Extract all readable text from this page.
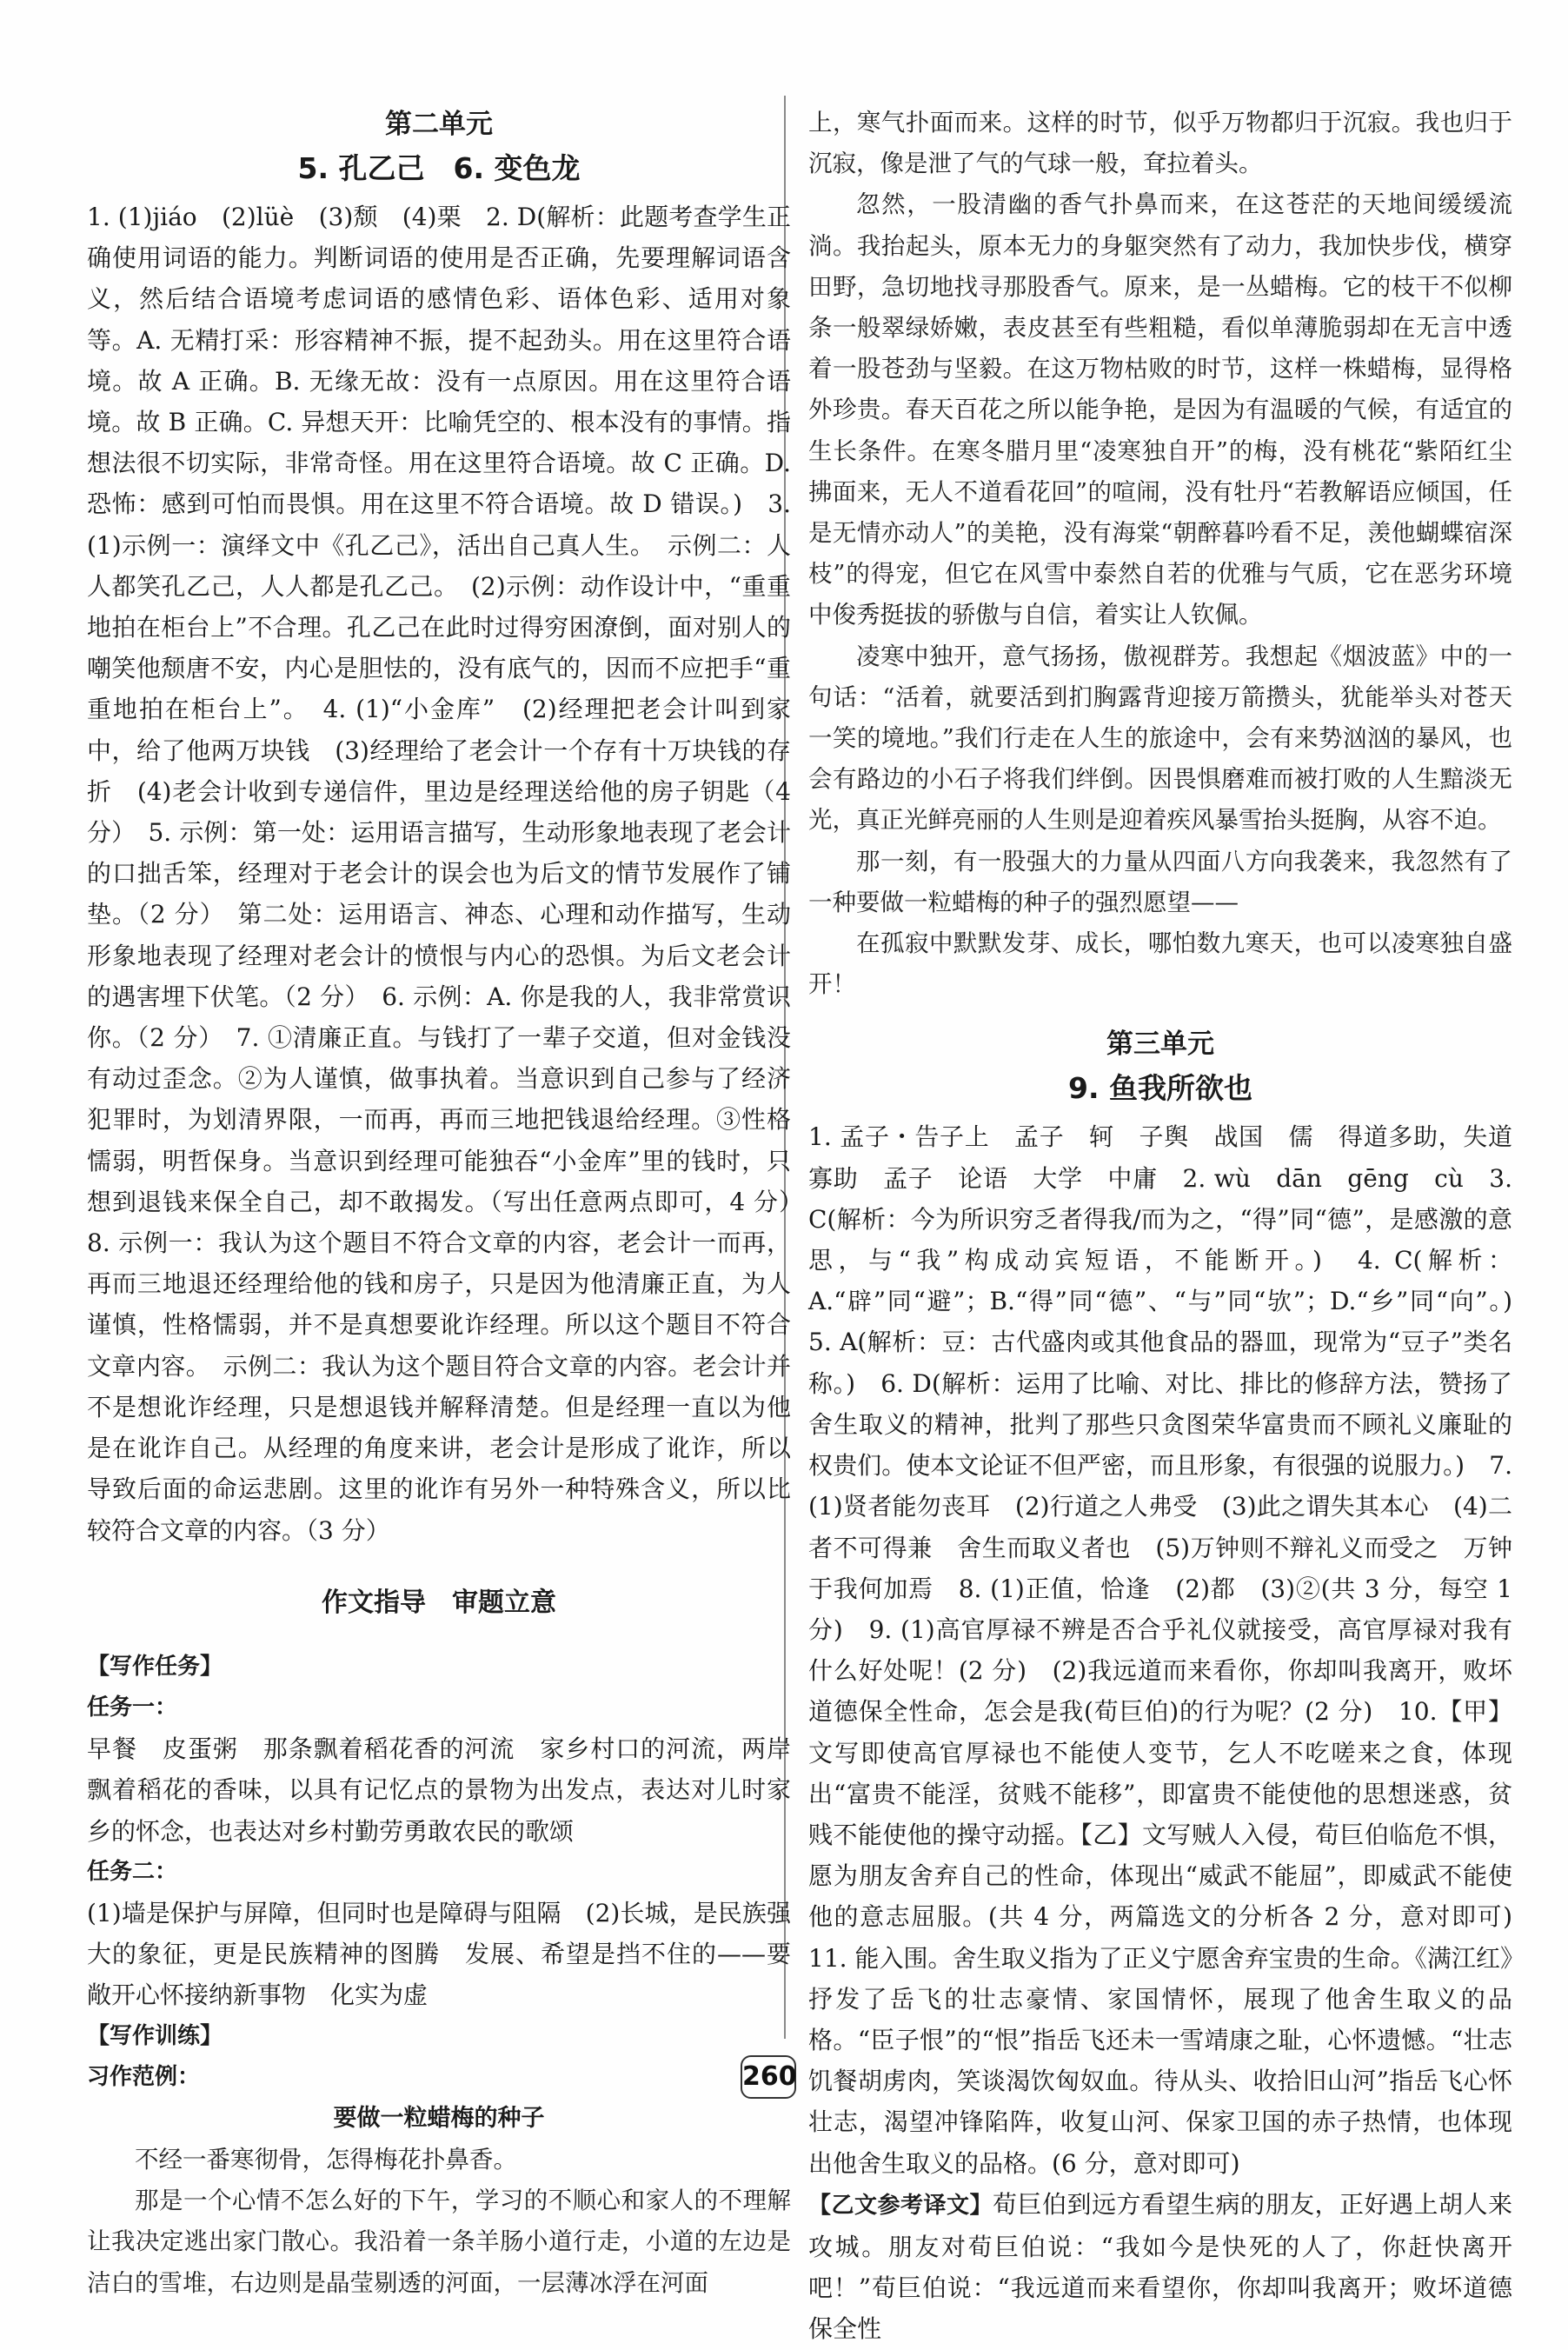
第二单元
5. 孔乙己　6. 变色龙

1. (1)jiáo　(2)lüè　(3)颓　(4)栗　2. D(解析：此题考查学生正确使用词语的能力。判断词语的使用是否正确，先要理解词语含义，然后结合语境考虑词语的感情色彩、语体色彩、适用对象等。A. 无精打采：形容精神不振，提不起劲头。用在这里符合语境。故 A 正确。B. 无缘无故：没有一点原因。用在这里符合语境。故 B 正确。C. 异想天开：比喻凭空的、根本没有的事情。指想法很不切实际，非常奇怪。用在这里符合语境。故 C 正确。D. 恐怖：感到可怕而畏惧。用在这里不符合语境。故 D 错误。)　3. (1)示例一：演绎文中《孔乙己》，活出自己真人生。　示例二：人人都笑孔乙己，人人都是孔乙己。　(2)示例：动作设计中，“重重地拍在柜台上”不合理。孔乙己在此时过得穷困潦倒，面对别人的嘲笑他颓唐不安，内心是胆怯的，没有底气的，因而不应把手“重重地拍在柜台上”。　4. (1)“小金库”　(2)经理把老会计叫到家中，给了他两万块钱　(3)经理给了老会计一个存有十万块钱的存折　(4)老会计收到专递信件，里边是经理送给他的房子钥匙（4 分）　5. 示例：第一处：运用语言描写，生动形象地表现了老会计的口拙舌笨，经理对于老会计的误会也为后文的情节发展作了铺垫。（2 分）　第二处：运用语言、神态、心理和动作描写，生动形象地表现了经理对老会计的愤恨与内心的恐惧。为后文老会计的遇害埋下伏笔。（2 分）　6. 示例：A. 你是我的人，我非常赏识你。（2 分）　7. ①清廉正直。与钱打了一辈子交道，但对金钱没有动过歪念。②为人谨慎，做事执着。当意识到自己参与了经济犯罪时，为划清界限，一而再，再而三地把钱退给经理。③性格懦弱，明哲保身。当意识到经理可能独吞“小金库”里的钱时，只想到退钱来保全自己，却不敢揭发。（写出任意两点即可，4 分）　8. 示例一：我认为这个题目不符合文章的内容，老会计一而再，再而三地退还经理给他的钱和房子，只是因为他清廉正直，为人谨慎，性格懦弱，并不是真想要讹诈经理。所以这个题目不符合文章内容。　示例二：我认为这个题目符合文章的内容。老会计并不是想讹诈经理，只是想退钱并解释清楚。但是经理一直以为他是在讹诈自己。从经理的角度来讲，老会计是形成了讹诈，所以导致后面的命运悲剧。这里的讹诈有另外一种特殊含义，所以比较符合文章的内容。（3 分）

作文指导　审题立意
【写作任务】
任务一：

早餐　皮蛋粥　那条飘着稻花香的河流　家乡村口的河流，两岸飘着稻花的香味，以具有记忆点的景物为出发点，表达对儿时家乡的怀念，也表达对乡村勤劳勇敢农民的歌颂

任务二：

(1)墙是保护与屏障，但同时也是障碍与阻隔　(2)长城，是民族强大的象征，更是民族精神的图腾　发展、希望是挡不住的——要敞开心怀接纳新事物　化实为虚

【写作训练】
习作范例：
要做一粒蜡梅的种子

不经一番寒彻骨，怎得梅花扑鼻香。

那是一个心情不怎么好的下午，学习的不顺心和家人的不理解让我决定逃出家门散心。我沿着一条羊肠小道行走，小道的左边是洁白的雪堆，右边则是晶莹剔透的河面，一层薄冰浮在河面

上，寒气扑面而来。这样的时节，似乎万物都归于沉寂。我也归于沉寂，像是泄了气的气球一般，耷拉着头。

忽然，一股清幽的香气扑鼻而来，在这苍茫的天地间缓缓流淌。我抬起头，原本无力的身躯突然有了动力，我加快步伐，横穿田野，急切地找寻那股香气。原来，是一丛蜡梅。它的枝干不似柳条一般翠绿娇嫩，表皮甚至有些粗糙，看似单薄脆弱却在无言中透着一股苍劲与坚毅。在这万物枯败的时节，这样一株蜡梅，显得格外珍贵。春天百花之所以能争艳，是因为有温暖的气候，有适宜的生长条件。在寒冬腊月里“凌寒独自开”的梅，没有桃花“紫陌红尘拂面来，无人不道看花回”的喧闹，没有牡丹“若教解语应倾国，任是无情亦动人”的美艳，没有海棠“朝醉暮吟看不足，羡他蝴蝶宿深枝”的得宠，但它在风雪中泰然自若的优雅与气质，它在恶劣环境中俊秀挺拔的骄傲与自信，着实让人钦佩。

凌寒中独开，意气扬扬，傲视群芳。我想起《烟波蓝》中的一句话：“活着，就要活到扪胸露背迎接万箭攒头，犹能举头对苍天一笑的境地。”我们行走在人生的旅途中，会有来势汹汹的暴风，也会有路边的小石子将我们绊倒。因畏惧磨难而被打败的人生黯淡无光，真正光鲜亮丽的人生则是迎着疾风暴雪抬头挺胸，从容不迫。

那一刻，有一股强大的力量从四面八方向我袭来，我忽然有了一种要做一粒蜡梅的种子的强烈愿望——

在孤寂中默默发芽、成长，哪怕数九寒天，也可以凌寒独自盛开！

第三单元
9. 鱼我所欲也

1. 孟子・告子上　孟子　轲　子舆　战国　儒　得道多助，失道寡助　孟子　论语　大学　中庸　2. wù　dān　gēng　cù　3. C(解析：今为所识穷乏者得我/而为之，“得”同“德”，是感激的意思，与“我”构成动宾短语，不能断开。)　4. C(解析：A.“辟”同“避”；B.“得”同“德”、“与”同“欤”；D.“乡”同“向”。)　5. A(解析：豆：古代盛肉或其他食品的器皿，现常为“豆子”类名称。)　6. D(解析：运用了比喻、对比、排比的修辞方法，赞扬了舍生取义的精神，批判了那些只贪图荣华富贵而不顾礼义廉耻的权贵们。使本文论证不但严密，而且形象，有很强的说服力。)　7. (1)贤者能勿丧耳　(2)行道之人弗受　(3)此之谓失其本心　(4)二者不可得兼　舍生而取义者也　(5)万钟则不辩礼义而受之　万钟于我何加焉　8. (1)正值，恰逢　(2)都　(3)②(共 3 分，每空 1 分)　9. (1)高官厚禄不辨是否合乎礼仪就接受，高官厚禄对我有什么好处呢！(2 分)　(2)我远道而来看你，你却叫我离开，败坏道德保全性命，怎会是我(荀巨伯)的行为呢？(2 分)　10.【甲】文写即使高官厚禄也不能使人变节，乞人不吃嗟来之食，体现出“富贵不能淫，贫贱不能移”，即富贵不能使他的思想迷惑，贫贱不能使他的操守动摇。【乙】文写贼人入侵，荀巨伯临危不惧，愿为朋友舍弃自己的性命，体现出“威武不能屈”，即威武不能使他的意志屈服。(共 4 分，两篇选文的分析各 2 分，意对即可)　11. 能入围。舍生取义指为了正义宁愿舍弃宝贵的生命。《满江红》抒发了岳飞的壮志豪情、家国情怀，展现了他舍生取义的品格。“臣子恨”的“恨”指岳飞还未一雪靖康之耻，心怀遗憾。“壮志饥餐胡虏肉，笑谈渴饮匈奴血。待从头、收拾旧山河”指岳飞心怀壮志，渴望冲锋陷阵，收复山河、保家卫国的赤子热情，也体现出他舍生取义的品格。(6 分，意对即可)

【乙文参考译文】荀巨伯到远方看望生病的朋友，正好遇上胡人来攻城。朋友对荀巨伯说：“我如今是快死的人了，你赶快离开吧！”荀巨伯说：“我远道而来看望你，你却叫我离开；败坏道德保全性

260
